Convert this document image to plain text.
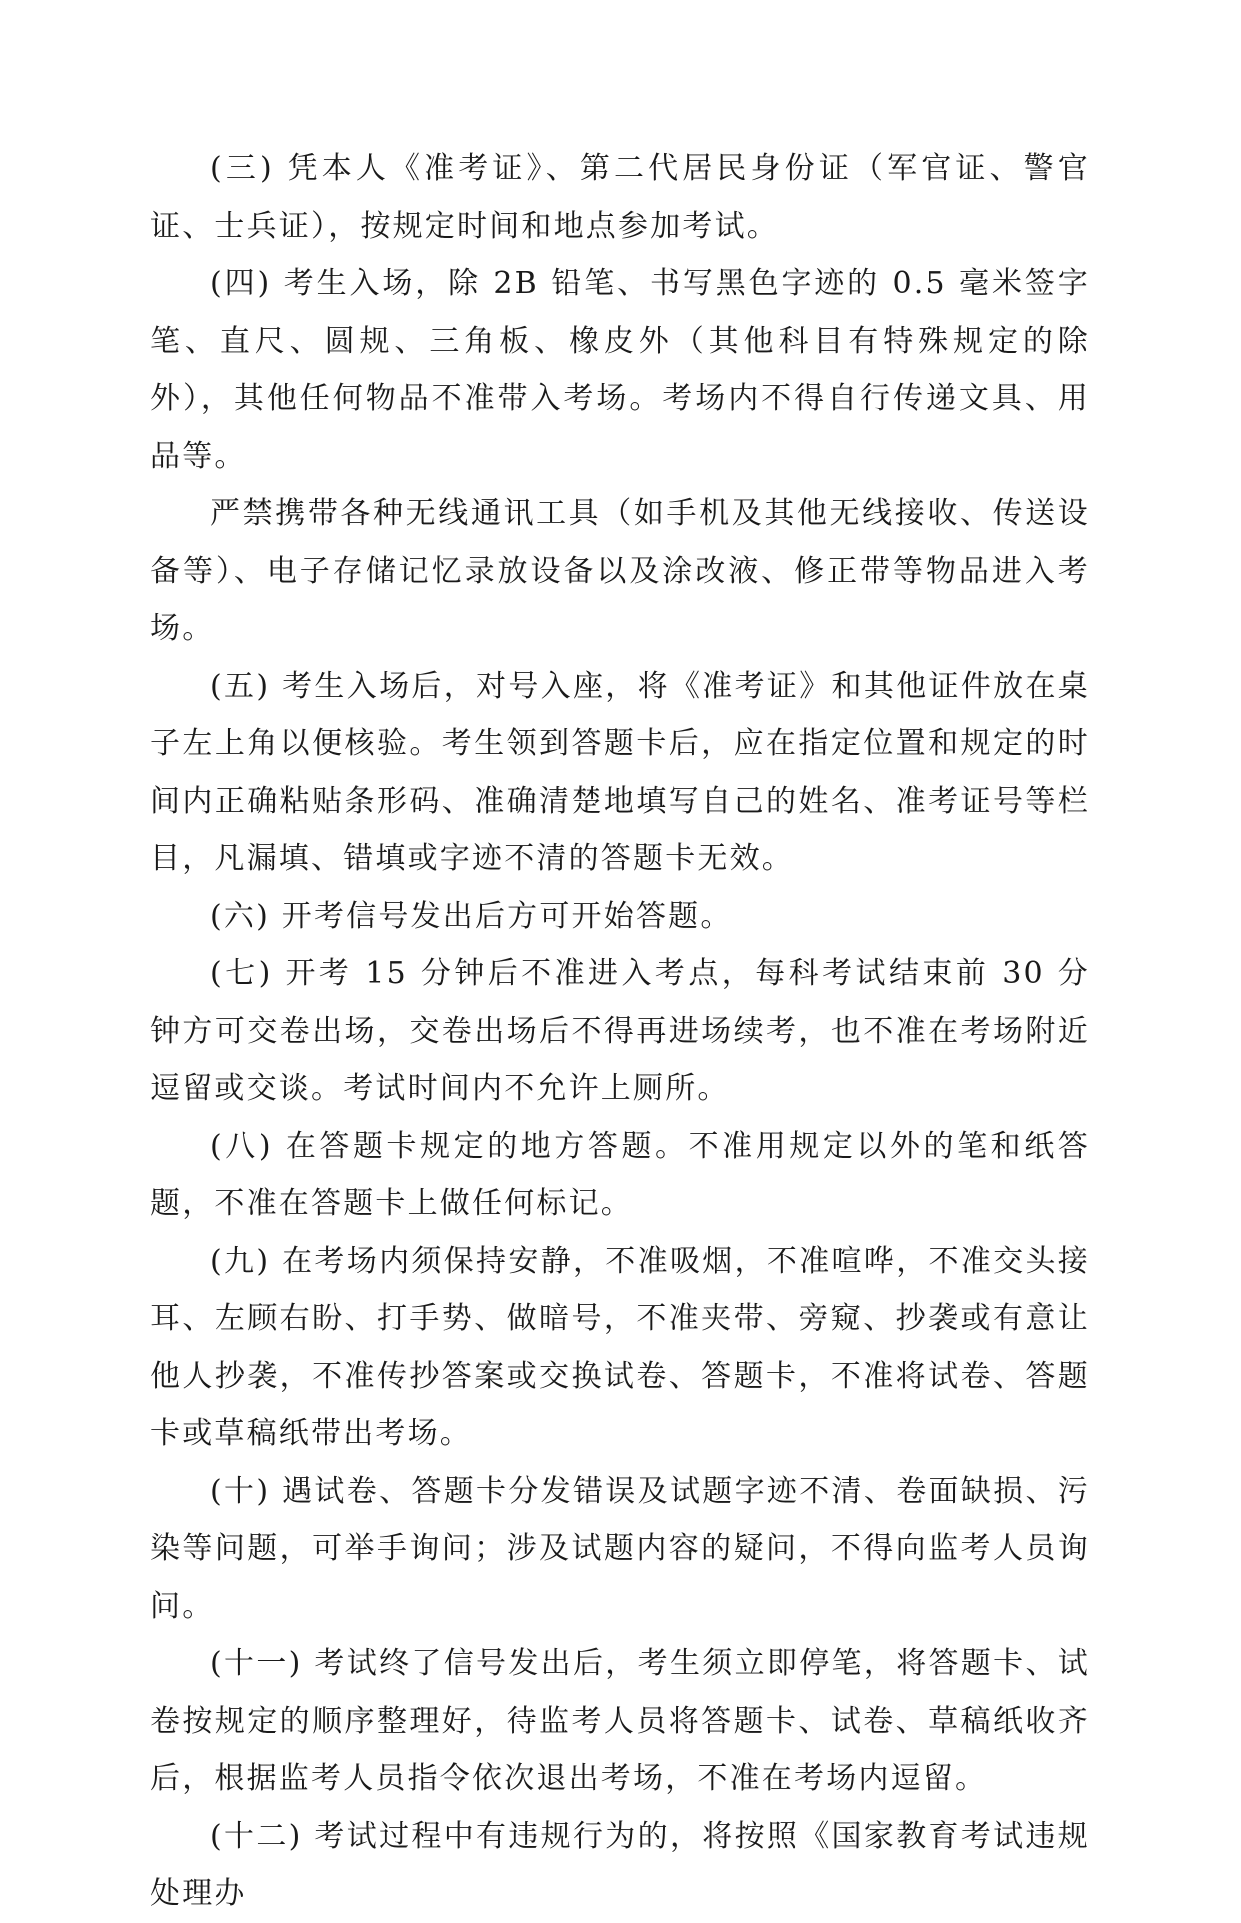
(三) 凭本人《准考证》、第二代居民身份证（军官证、警官证、士兵证），按规定时间和地点参加考试。

(四) 考生入场，除 2B 铅笔、书写黑色字迹的 0.5 毫米签字笔、直尺、圆规、三角板、橡皮外（其他科目有特殊规定的除外），其他任何物品不准带入考场。考场内不得自行传递文具、用品等。

严禁携带各种无线通讯工具（如手机及其他无线接收、传送设备等）、电子存储记忆录放设备以及涂改液、修正带等物品进入考场。

(五) 考生入场后，对号入座，将《准考证》和其他证件放在桌子左上角以便核验。考生领到答题卡后，应在指定位置和规定的时间内正确粘贴条形码、准确清楚地填写自己的姓名、准考证号等栏目，凡漏填、错填或字迹不清的答题卡无效。

(六) 开考信号发出后方可开始答题。

(七) 开考 15 分钟后不准进入考点，每科考试结束前 30 分钟方可交卷出场，交卷出场后不得再进场续考，也不准在考场附近逗留或交谈。考试时间内不允许上厕所。

(八) 在答题卡规定的地方答题。不准用规定以外的笔和纸答题，不准在答题卡上做任何标记。

(九) 在考场内须保持安静，不准吸烟，不准喧哗，不准交头接耳、左顾右盼、打手势、做暗号，不准夹带、旁窥、抄袭或有意让他人抄袭，不准传抄答案或交换试卷、答题卡，不准将试卷、答题卡或草稿纸带出考场。

(十) 遇试卷、答题卡分发错误及试题字迹不清、卷面缺损、污染等问题，可举手询问；涉及试题内容的疑问，不得向监考人员询问。

(十一) 考试终了信号发出后，考生须立即停笔，将答题卡、试卷按规定的顺序整理好，待监考人员将答题卡、试卷、草稿纸收齐后，根据监考人员指令依次退出考场，不准在考场内逗留。

(十二) 考试过程中有违规行为的，将按照《国家教育考试违规处理办
